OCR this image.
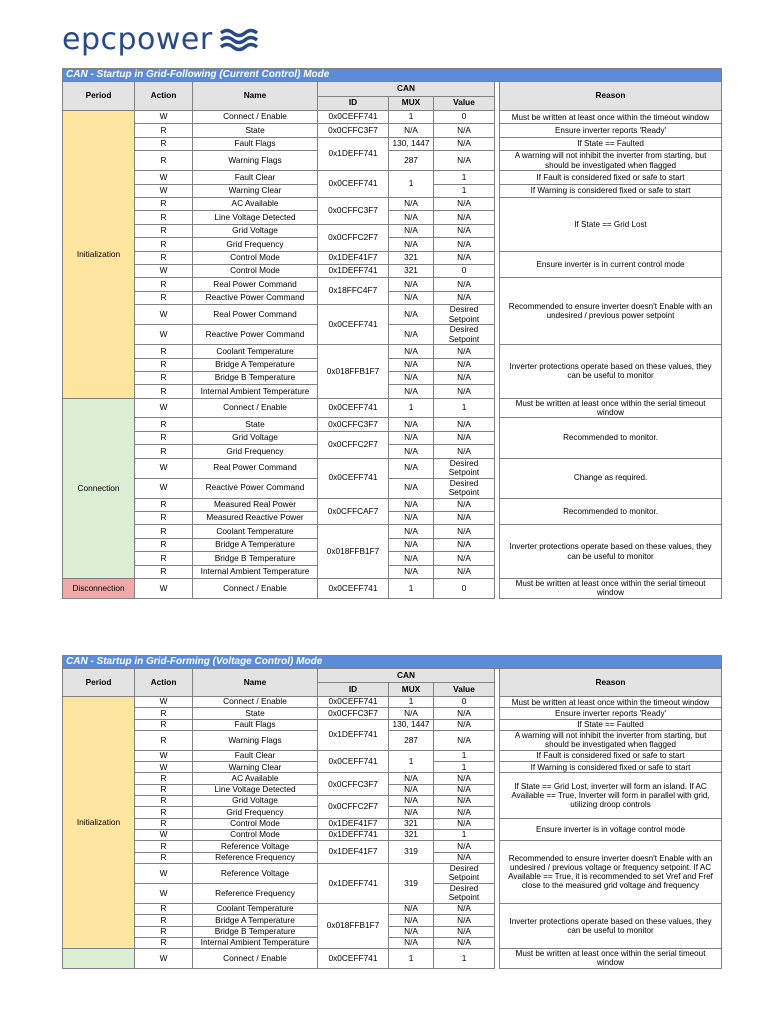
epcpower
CAN - Startup in Grid-Following (Current Control) Mode							
Period	Action	Name	CAN				Reason
			ID	MUX	Value		
Initialization	W	Connect / Enable	0x0CEFF741	1	0		Must be written at least once within the timeout window
	R	State	0x0CFFC3F7	N/A	N/A		Ensure inverter reports 'Ready'
	R	Fault Flags	0x1DEFF741	130, 1447	N/A		If State == Faulted
	R	Warning Flags		287	N/A		A warning will not inhibit the inverter from starting, but should be investigated when flagged
	W	Fault Clear	0x0CEFF741	1	1		If Fault is considered fixed or safe to start
	W	Warning Clear			1		If Warning is considered fixed or safe to start
	R	AC Available	0x0CFFC3F7	N/A	N/A		If State == Grid Lost
	R	Line Voltage Detected		N/A	N/A		
	R	Grid Voltage	0x0CFFC2F7	N/A	N/A		
	R	Grid Frequency		N/A	N/A		
	R	Control Mode	0x1DEF41F7	321	N/A		Ensure inverter is in current control mode
	W	Control Mode	0x1DEFF741	321	0		
	R	Real Power Command	0x18FFC4F7	N/A	N/A		Recommended to ensure inverter doesn't Enable with an undesired / previous power setpoint
	R	Reactive Power Command		N/A	N/A		
	W	Real Power Command	0x0CEFF741	N/A	Desired Setpoint		
	W	Reactive Power Command		N/A	Desired Setpoint		
	R	Coolant Temperature	0x018FFB1F7	N/A	N/A		Inverter protections operate based on these values, they can be useful to monitor
	R	Bridge A Temperature		N/A	N/A		
	R	Bridge B Temperature		N/A	N/A		
	R	Internal Ambient Temperature		N/A	N/A		
Connection	W	Connect / Enable	0x0CEFF741	1	1		Must be written at least once within the serial timeout window
	R	State	0x0CFFC3F7	N/A	N/A		Recommended to monitor.
	R	Grid Voltage	0x0CFFC2F7	N/A	N/A		
	R	Grid Frequency		N/A	N/A		
	W	Real Power Command	0x0CEFF741	N/A	Desired Setpoint		Change as required.
	W	Reactive Power Command		N/A	Desired Setpoint		
	R	Measured Real Power	0x0CFFCAF7	N/A	N/A		Recommended to monitor.
	R	Measured Reactive Power		N/A	N/A		
	R	Coolant Temperature	0x018FFB1F7	N/A	N/A		Inverter protections operate based on these values, they can be useful to monitor
	R	Bridge A Temperature		N/A	N/A		
	R	Bridge B Temperature		N/A	N/A		
	R	Internal Ambient Temperature		N/A	N/A		
Disconnection	W	Connect / Enable	0x0CEFF741	1	0		Must be written at least once within the serial timeout window
CAN - Startup in Grid-Forming (Voltage Control) Mode							
Period	Action	Name	CAN				Reason
			ID	MUX	Value		
Initialization	W	Connect / Enable	0x0CEFF741	1	0		Must be written at least once within the timeout window
	R	State	0x0CFFC3F7	N/A	N/A		Ensure inverter reports 'Ready'
	R	Fault Flags	0x1DEFF741	130, 1447	N/A		If State == Faulted
	R	Warning Flags		287	N/A		A warning will not inhibit the inverter from starting, but should be investigated when flagged
	W	Fault Clear	0x0CEFF741	1	1		If Fault is considered fixed or safe to start
	W	Warning Clear			1		If Warning is considered fixed or safe to start
	R	AC Available	0x0CFFC3F7	N/A	N/A		If State == Grid Lost, inverter will form an island. If AC Available == True, Inverter will form in parallel with grid, utilizing droop controls
	R	Line Voltage Detected		N/A	N/A		
	R	Grid Voltage	0x0CFFC2F7	N/A	N/A		
	R	Grid Frequency		N/A	N/A		
	R	Control Mode	0x1DEF41F7	321	N/A		Ensure inverter is in voltage control mode
	W	Control Mode	0x1DEFF741	321	1		
	R	Reference Voltage	0x1DEF41F7	319	N/A		Recommended to ensure inverter doesn't Enable with an undesired / previous voltage or frequency setpoint. If AC Available == True, it is recommended to set Vref and Fref close to the measured grid voltage and frequency
	R	Reference Frequency			N/A		
	W	Reference Voltage	0x1DEFF741	319	Desired Setpoint		
	W	Reference Frequency			Desired Setpoint		
	R	Coolant Temperature	0x018FFB1F7	N/A	N/A		Inverter protections operate based on these values, they can be useful to monitor
	R	Bridge A Temperature		N/A	N/A		
	R	Bridge B Temperature		N/A	N/A		
	R	Internal Ambient Temperature		N/A	N/A		
	W	Connect / Enable	0x0CEFF741	1	1		Must be written at least once within the serial timeout window
